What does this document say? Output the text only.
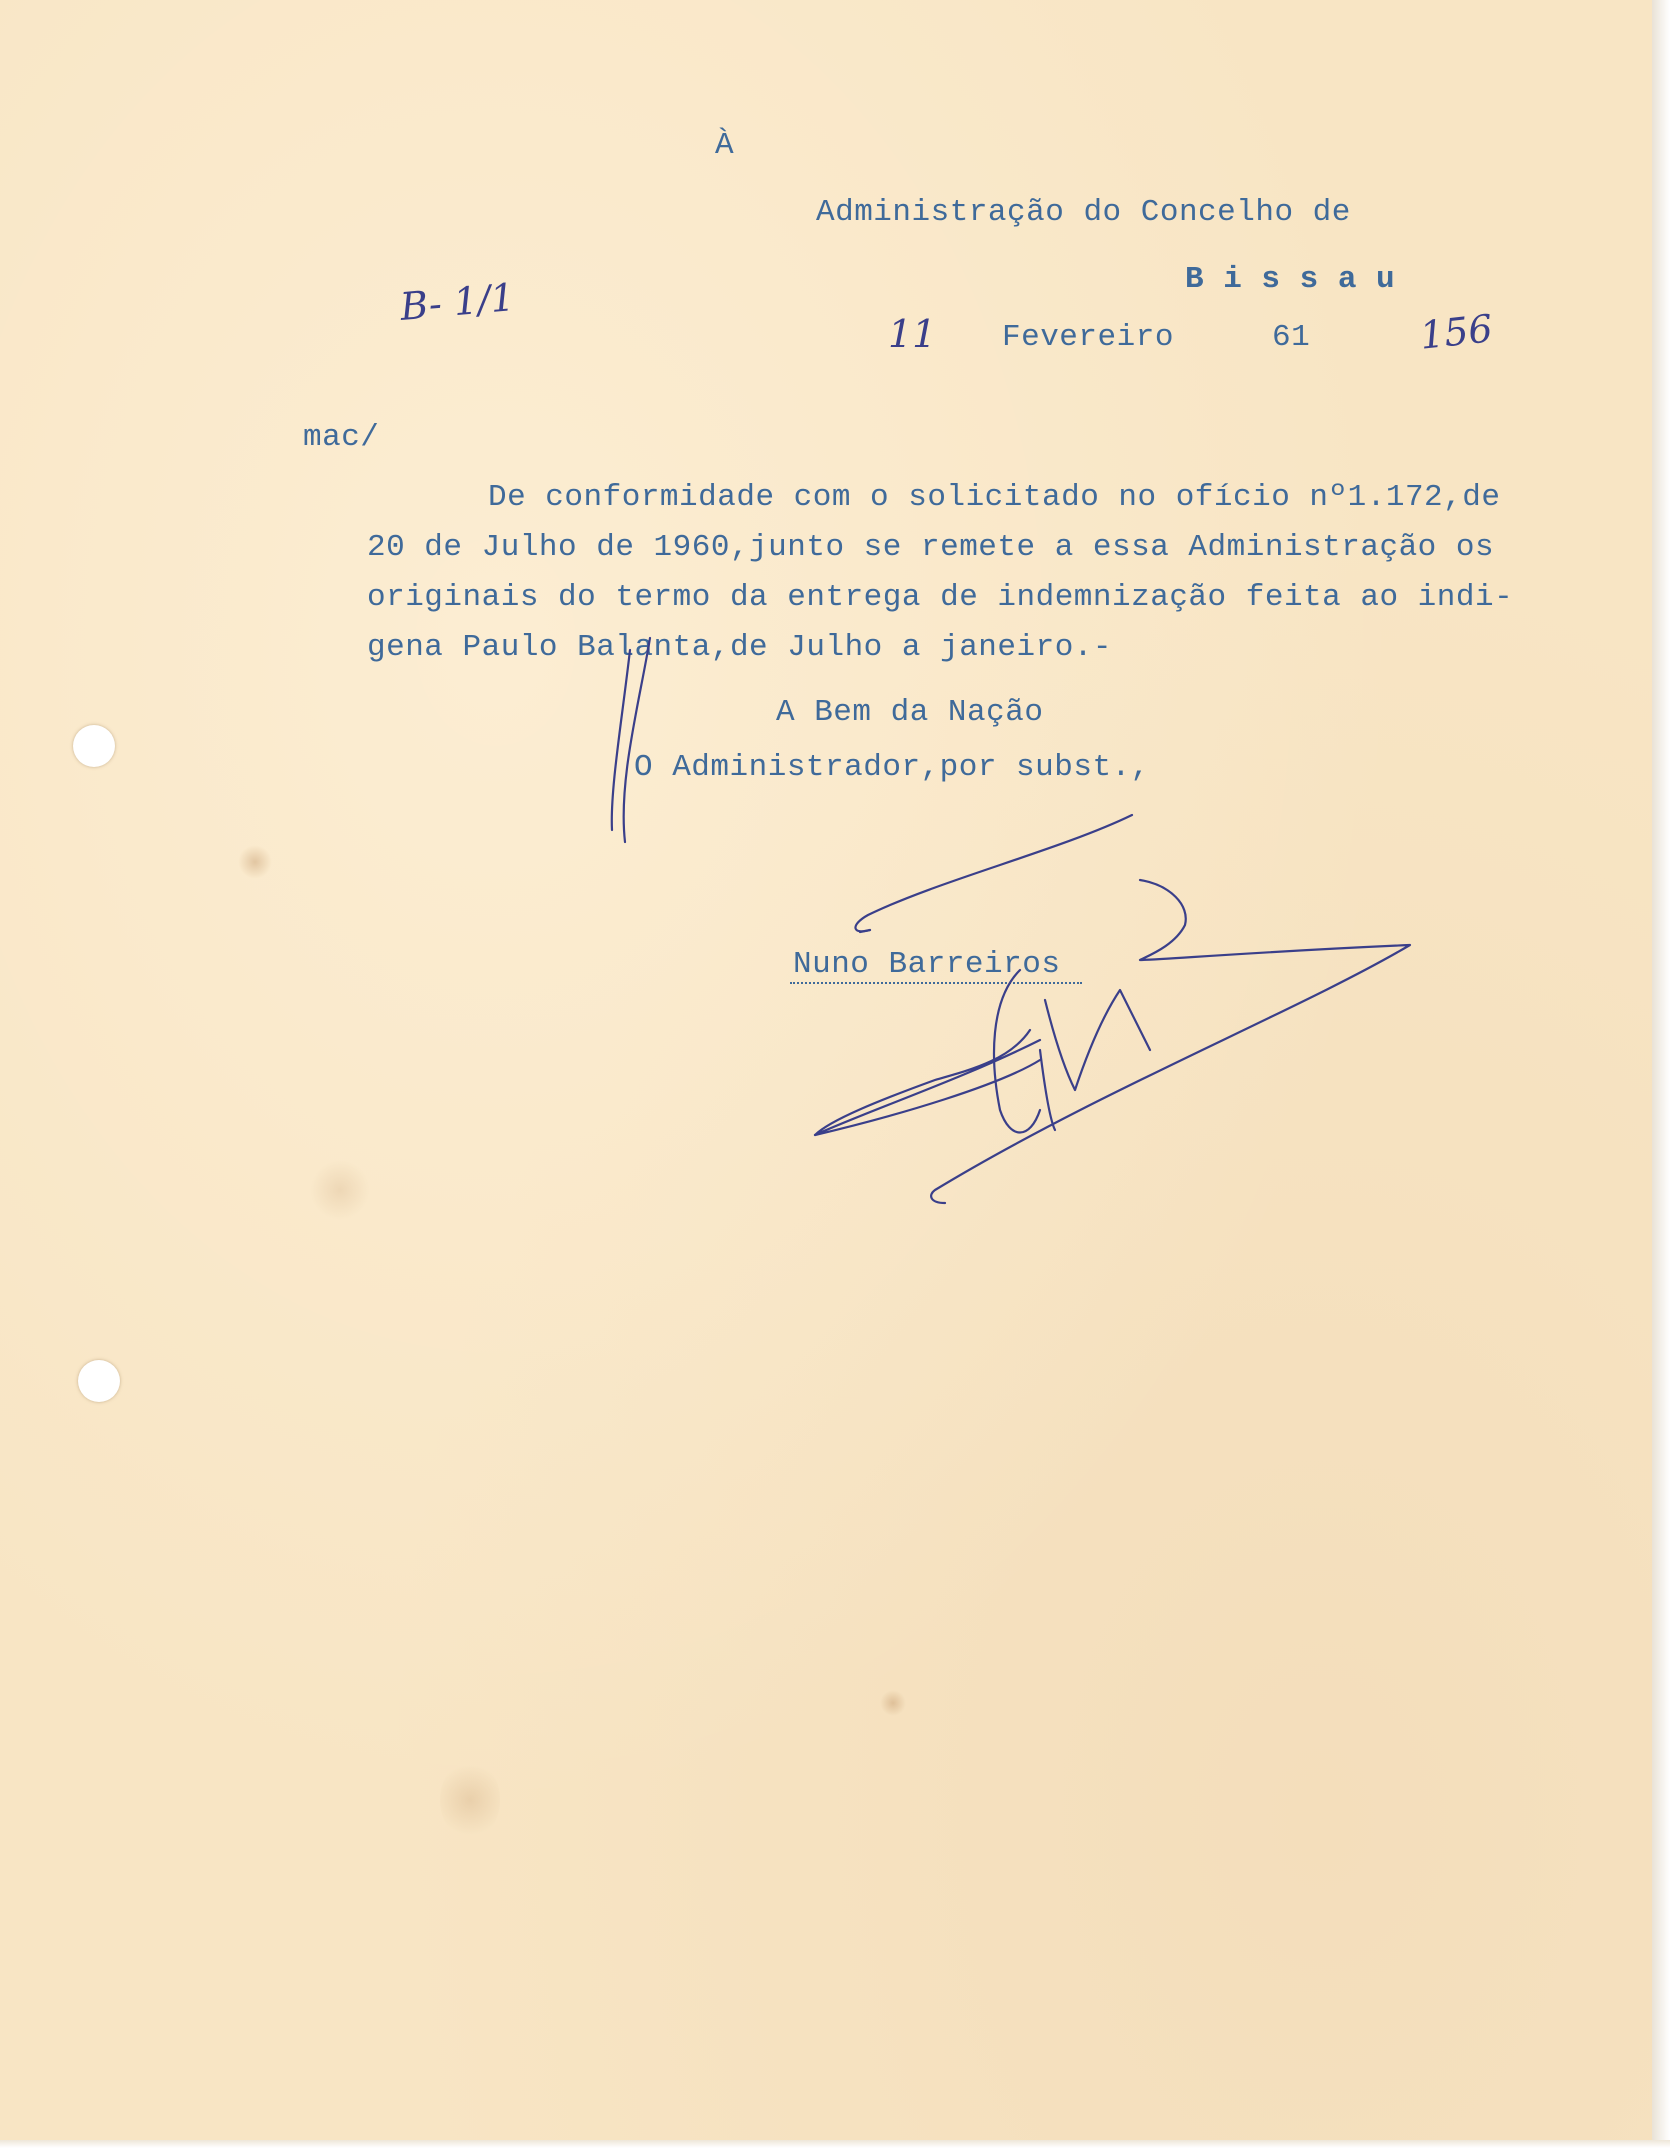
À
Administração do Concelho de
B i s s a u
Fevereiro	61
mac/
De conformidade com o solicitado no ofício nº1.172,de
20 de Julho de 1960,junto se remete a essa Administração os
originais do termo da entrega de indemnização feita ao indi-
gena Paulo Balanta,de Julho a janeiro.-
A Bem da Nação
O Administrador,por subst.,
Nuno Barreiros
B- 1/1
11	156
